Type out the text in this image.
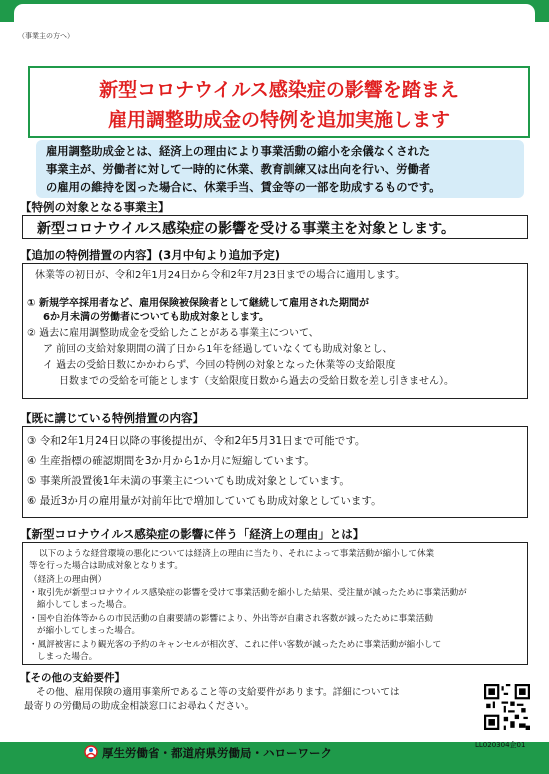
（事業主の方へ）
新型コロナウイルス感染症の影響を踏まえ
雇用調整助成金の特例を追加実施します
雇用調整助成金とは、経済上の理由により事業活動の縮小を余儀なくされた
事業主が、労働者に対して一時的に休業、教育訓練又は出向を行い、労働者
の雇用の維持を図った場合に、休業手当、賃金等の一部を助成するものです。
【特例の対象となる事業主】
新型コロナウイルス感染症の影響を受ける事業主を対象とします。
【追加の特例措置の内容】(3月中旬より追加予定)
休業等の初日が、令和2年1月24日から令和2年7月23日までの場合に適用します。
① 新規学卒採用者など、雇用保険被保険者として継続して雇用された期間が
6か月未満の労働者についても助成対象とします。
② 過去に雇用調整助成金を受給したことがある事業主について、
ア 前回の支給対象期間の満了日から1年を経過していなくても助成対象とし、
イ 過去の受給日数にかかわらず、今回の特例の対象となった休業等の支給限度
日数までの受給を可能とします（支給限度日数から過去の受給日数を差し引きません）。
【既に講じている特例措置の内容】
③ 令和2年1月24日以降の事後提出が、令和2年5月31日まで可能です。
④ 生産指標の確認期間を3か月から1か月に短縮しています。
⑤ 事業所設置後1年未満の事業主についても助成対象としています。
⑥ 最近3か月の雇用量が対前年比で増加していても助成対象としています。
【新型コロナウイルス感染症の影響に伴う「経済上の理由」とは】
以下のような経営環境の悪化については経済上の理由に当たり、それによって事業活動が縮小して休業
等を行った場合は助成対象となります。
（経済上の理由例）
・取引先が新型コロナウイルス感染症の影響を受けて事業活動を縮小した結果、受注量が減ったために事業活動が
縮小してしまった場合。
・国や自治体等からの市民活動の自粛要請の影響により、外出等が自粛され客数が減ったために事業活動
が縮小してしまった場合。
・風評被害により観光客の予約のキャンセルが相次ぎ、これに伴い客数が減ったために事業活動が縮小して
しまった場合。
【その他の支給要件】
その他、雇用保険の適用事業所であること等の支給要件があります。詳細については
最寄りの労働局の助成金相談窓口にお尋ねください。
LL020304企01
厚生労働省・都道府県労働局・ハローワーク
